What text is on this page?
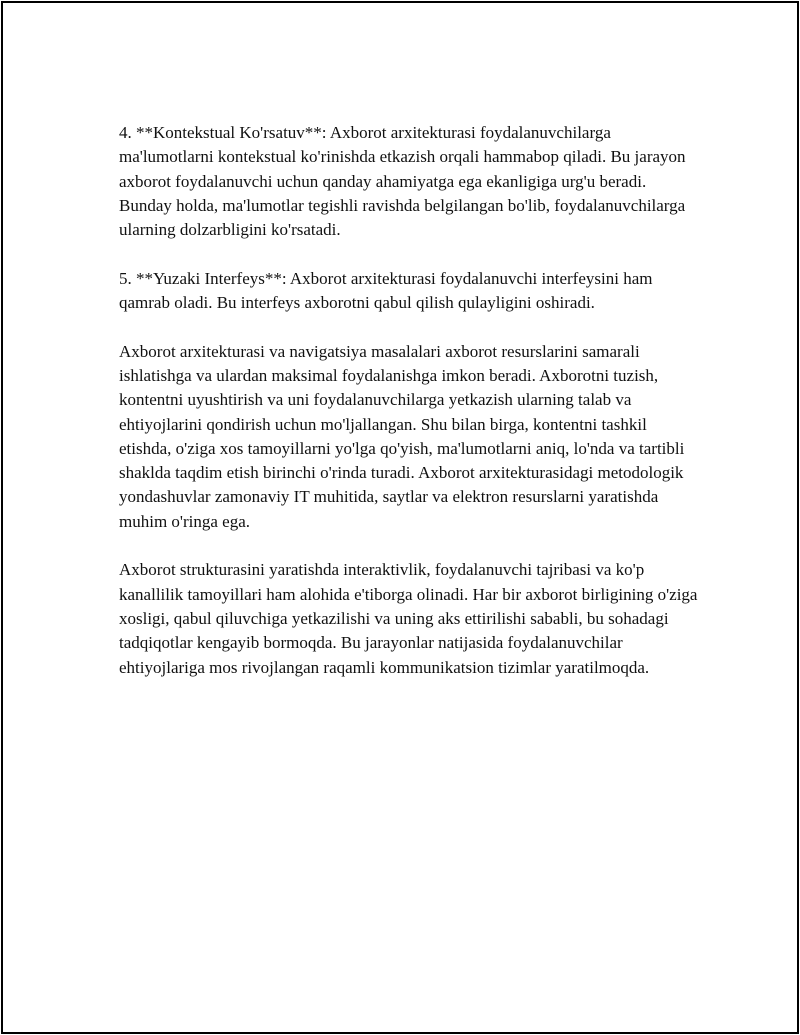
4. **Kontekstual Ko'rsatuv**: Axborot arxitekturasi foydalanuvchilarga ma'lumotlarni kontekstual ko'rinishda etkazish orqali hammabop qiladi. Bu jarayon axborot foydalanuvchi uchun qanday ahamiyatga ega ekanligiga urg'u beradi. Bunday holda, ma'lumotlar tegishli ravishda belgilangan bo'lib, foydalanuvchilarga ularning dolzarbligini ko'rsatadi.

5. **Yuzaki Interfeys**: Axborot arxitekturasi foydalanuvchi interfeysini ham qamrab oladi. Bu interfeys axborotni qabul qilish qulayligini oshiradi.

Axborot arxitekturasi va navigatsiya masalalari axborot resurslarini samarali ishlatishga va ulardan maksimal foydalanishga imkon beradi. Axborotni tuzish, kontentni uyushtirish va uni foydalanuvchilarga yetkazish ularning talab va ehtiyojlarini qondirish uchun mo'ljallangan. Shu bilan birga, kontentni tashkil etishda, o'ziga xos tamoyillarni yo'lga qo'yish, ma'lumotlarni aniq, lo'nda va tartibli shaklda taqdim etish birinchi o'rinda turadi. Axborot arxitekturasidagi metodologik yondashuvlar zamonaviy IT muhitida, saytlar va elektron resurslarni yaratishda muhim o'ringa ega.

Axborot strukturasini yaratishda interaktivlik, foydalanuvchi tajribasi va ko'p kanallilik tamoyillari ham alohida e'tiborga olinadi. Har bir axborot birligining o'ziga xosligi, qabul qiluvchiga yetkazilishi va uning aks ettirilishi sababli, bu sohadagi tadqiqotlar kengayib bormoqda. Bu jarayonlar natijasida foydalanuvchilar ehtiyojlariga mos rivojlangan raqamli kommunikatsion tizimlar yaratilmoqda.
